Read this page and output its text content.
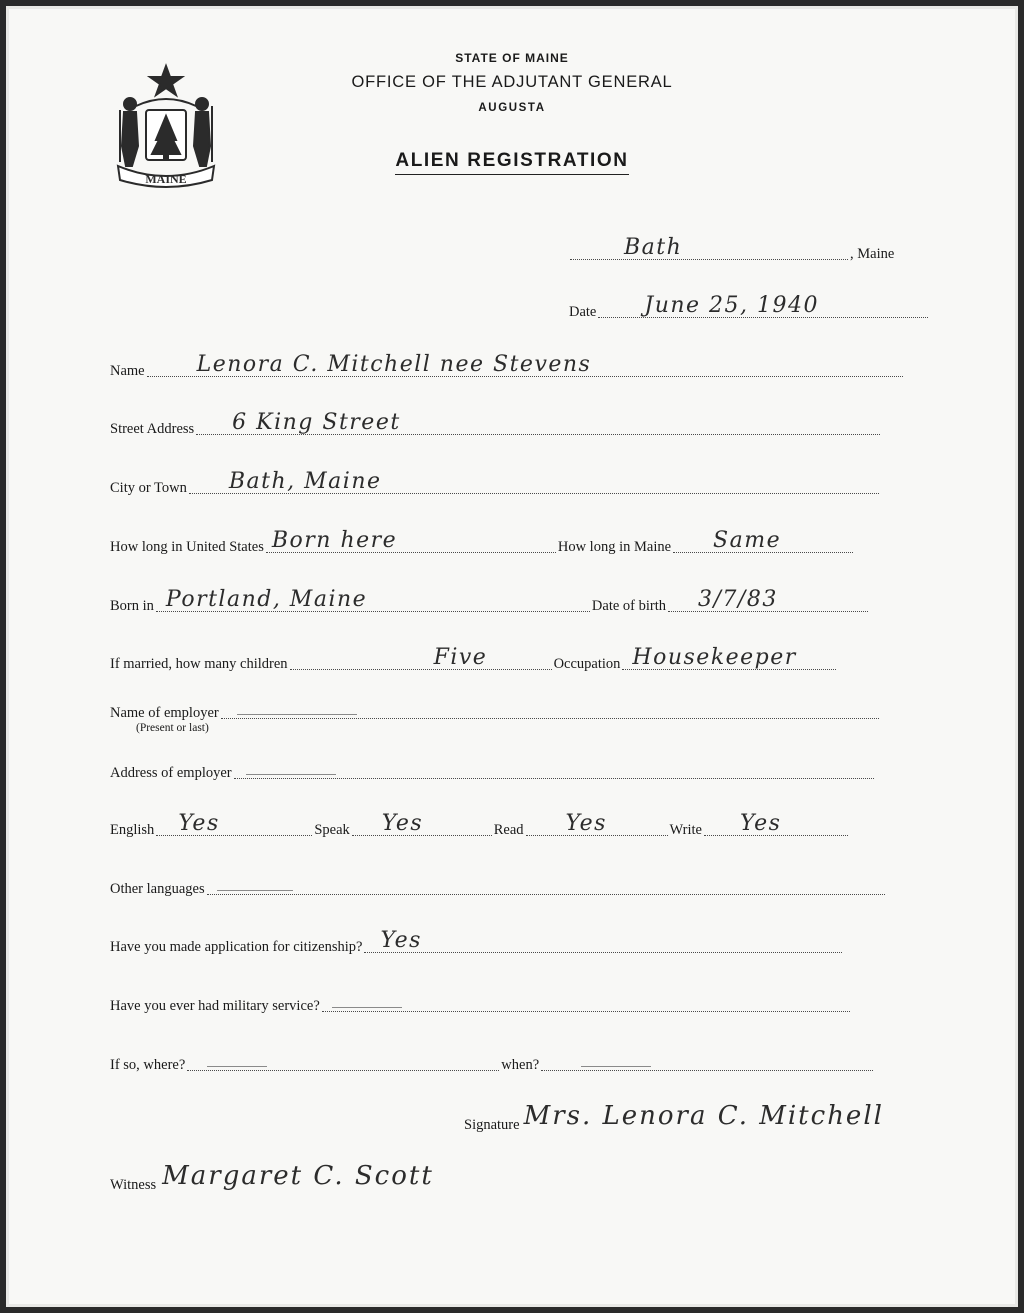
MAINE
STATE OF MAINE
OFFICE OF THE ADJUTANT GENERAL
AUGUSTA
ALIEN REGISTRATION
Bath	, Maine
Date June 25, 1940
Name Lenora C. Mitchell nee Stevens
Street Address 6 King Street
City or Town Bath, Maine
How long in United States Born here	How long in Maine Same
Born in Portland, Maine	Date of birth 3/7/83
If married, how many children	Five	Occupation Housekeeper
Name of employer
(Present or last)
Address of employer
English Yes	Speak Yes	Read Yes	Write Yes
Other languages
Have you made application for citizenship? Yes
Have you ever had military service?
If so, where?	when?
Signature Mrs. Lenora C. Mitchell
Witness Margaret C. Scott
